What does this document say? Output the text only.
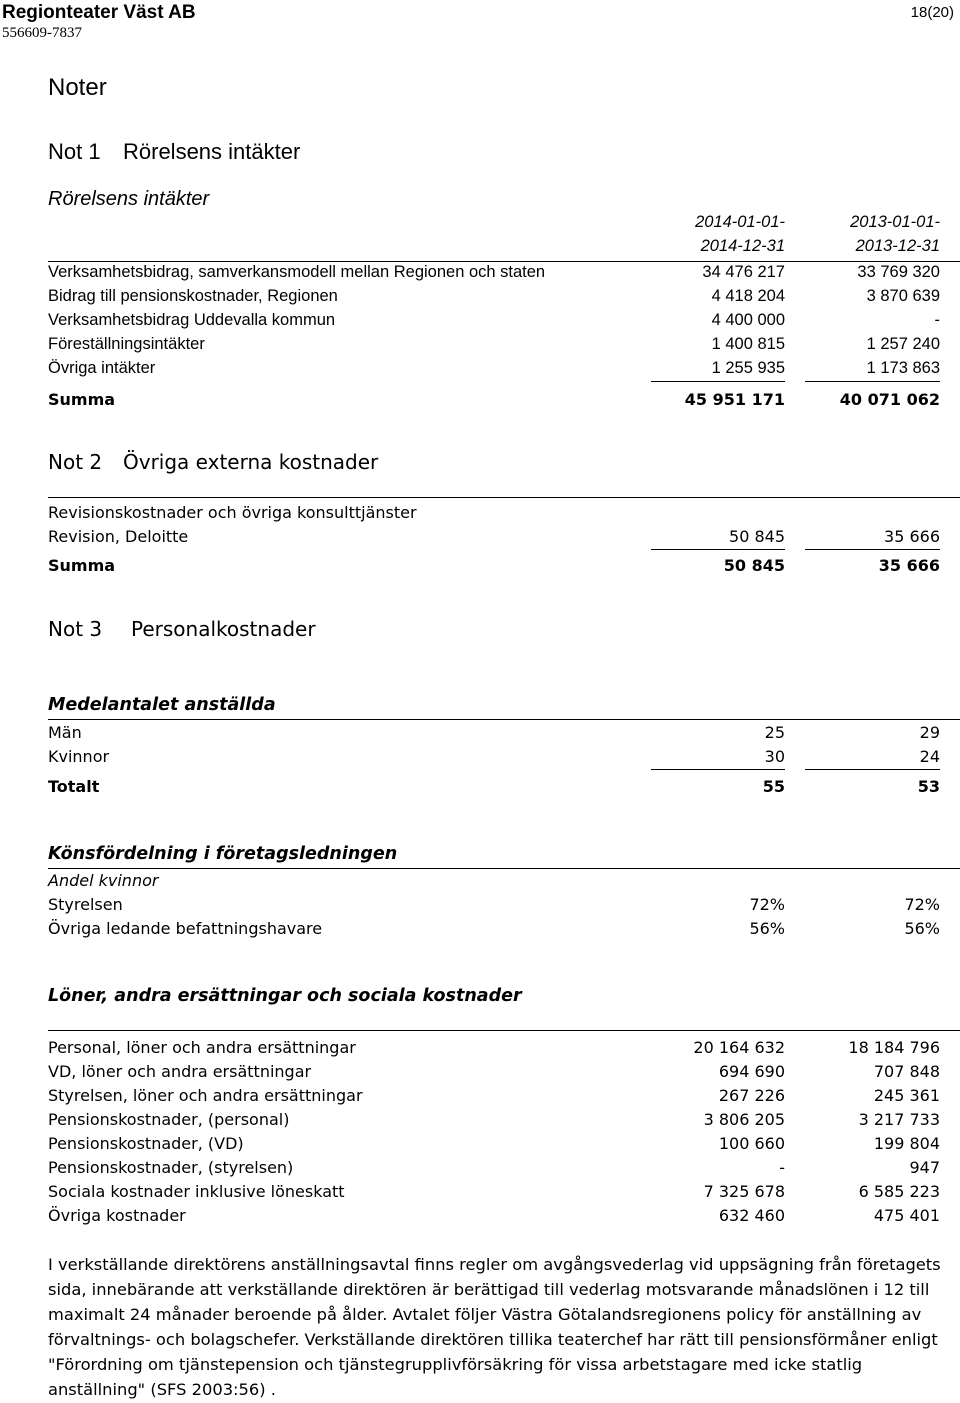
Regionteater Väst AB
556609-7837
18(20)
Noter
Not 1 Rörelsens intäkter
Rörelsens intäkter
2014-01-01-	2013-01-01-
2014-12-31	2013-12-31
Verksamhetsbidrag, samverkansmodell mellan Regionen och staten	34 476 217	33 769 320
Bidrag till pensionskostnader, Regionen	4 418 204	3 870 639
Verksamhetsbidrag Uddevalla kommun	4 400 000	-
Föreställningsintäkter	1 400 815	1 257 240
Övriga intäkter	1 255 935	1 173 863
Summa	45 951 171	40 071 062
Not 2 Övriga externa kostnader
Revisionskostnader och övriga konsulttjänster
Revision, Deloitte	50 845	35 666
Summa	50 845	35 666
Not 3 Personalkostnader
Medelantalet anställda
Män	25	29
Kvinnor	30	24
Totalt	55	53
Könsfördelning i företagsledningen
Andel kvinnor
Styrelsen	72%	72%
Övriga ledande befattningshavare	56%	56%
Löner, andra ersättningar och sociala kostnader
Personal, löner och andra ersättningar	20 164 632	18 184 796
VD, löner och andra ersättningar	694 690	707 848
Styrelsen, löner och andra ersättningar	267 226	245 361
Pensionskostnader, (personal)	3 806 205	3 217 733
Pensionskostnader, (VD)	100 660	199 804
Pensionskostnader, (styrelsen)	-	947
Sociala kostnader inklusive löneskatt	7 325 678	6 585 223
Övriga kostnader	632 460	475 401
I verkställande direktörens anställningsavtal finns regler om avgångsvederlag vid uppsägning från företagets sida, innebärande att verkställande direktören är berättigad till vederlag motsvarande månadslönen i 12 till maximalt 24 månader beroende på ålder. Avtalet följer Västra Götalandsregionens policy för anställning av förvaltnings- och bolagschefer. Verkställande direktören tillika teaterchef har rätt till pensionsförmåner enligt "Förordning om tjänstepension och tjänstegrupplivförsäkring för vissa arbetstagare med icke statlig anställning" (SFS 2003:56) .
